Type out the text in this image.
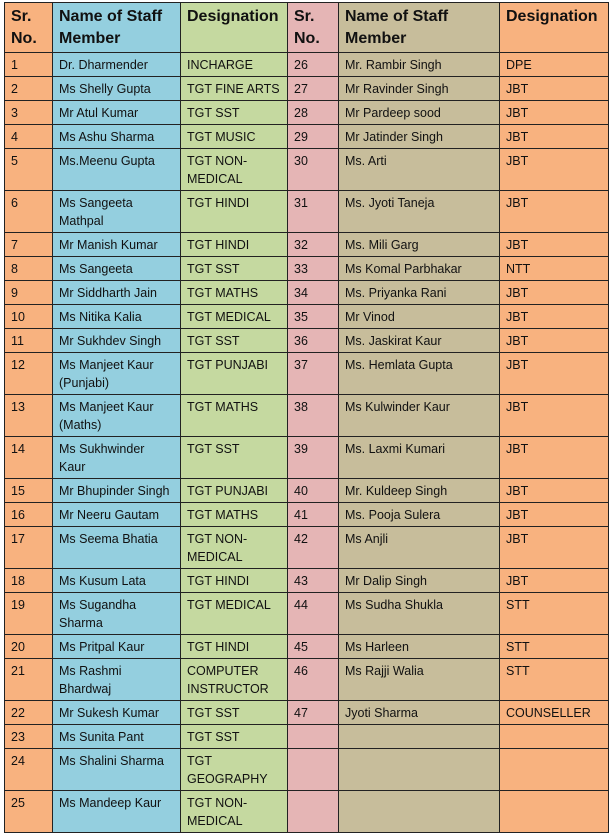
Sr. No.	Name of Staff Member	Designation	Sr. No.	Name of Staff Member	Designation
1	Dr. Dharmender	INCHARGE	26	Mr. Rambir Singh	DPE
2	Ms Shelly Gupta	TGT FINE ARTS	27	Mr Ravinder Singh	JBT
3	Mr Atul Kumar	TGT SST	28	Mr Pardeep sood	JBT
4	Ms Ashu Sharma	TGT MUSIC	29	Mr Jatinder Singh	JBT
5	Ms.Meenu Gupta	TGT NON-MEDICAL	30	Ms. Arti	JBT
6	Ms Sangeeta Mathpal	TGT HINDI	31	Ms. Jyoti Taneja	JBT
7	Mr Manish Kumar	TGT HINDI	32	Ms. Mili Garg	JBT
8	Ms Sangeeta	TGT SST	33	Ms Komal Parbhakar	NTT
9	Mr Siddharth Jain	TGT MATHS	34	Ms. Priyanka Rani	JBT
10	Ms Nitika Kalia	TGT MEDICAL	35	Mr Vinod	JBT
11	Mr Sukhdev Singh	TGT SST	36	Ms. Jaskirat Kaur	JBT
12	Ms Manjeet Kaur (Punjabi)	TGT PUNJABI	37	Ms. Hemlata Gupta	JBT
13	Ms Manjeet Kaur (Maths)	TGT MATHS	38	Ms Kulwinder Kaur	JBT
14	Ms Sukhwinder Kaur	TGT SST	39	Ms. Laxmi Kumari	JBT
15	Mr Bhupinder Singh	TGT PUNJABI	40	Mr. Kuldeep Singh	JBT
16	Mr Neeru Gautam	TGT MATHS	41	Ms. Pooja Sulera	JBT
17	Ms Seema Bhatia	TGT NON-MEDICAL	42	Ms Anjli	JBT
18	Ms Kusum Lata	TGT HINDI	43	Mr Dalip Singh	JBT
19	Ms Sugandha Sharma	TGT MEDICAL	44	Ms Sudha Shukla	STT
20	Ms Pritpal Kaur	TGT HINDI	45	Ms Harleen	STT
21	Ms Rashmi Bhardwaj	COMPUTER INSTRUCTOR	46	Ms Rajji Walia	STT
22	Mr Sukesh Kumar	TGT SST	47	Jyoti Sharma	COUNSELLER
23	Ms Sunita Pant	TGT SST			
24	Ms Shalini Sharma	TGT GEOGRAPHY			
25	Ms Mandeep Kaur	TGT NON-MEDICAL			
